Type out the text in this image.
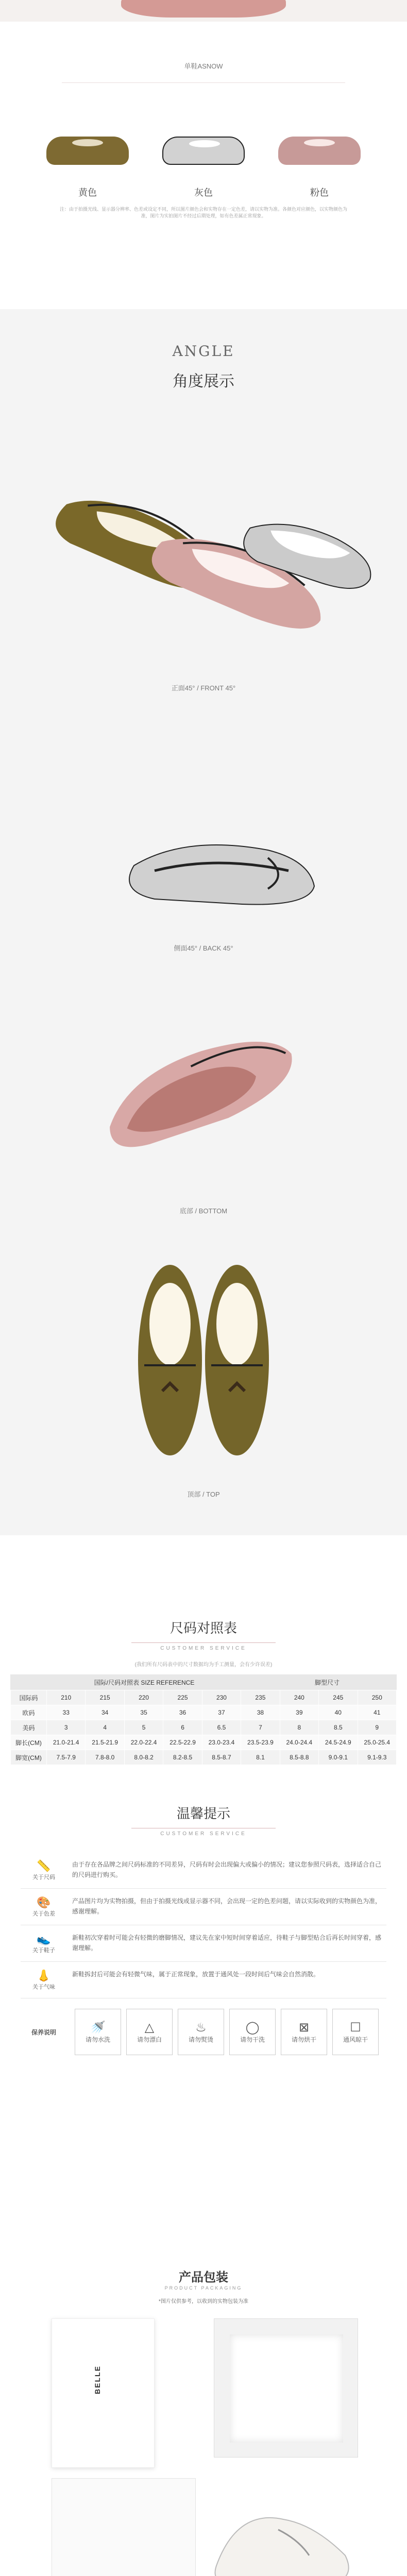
单鞋ASNOW
黄色	灰色	粉色
注：由于拍摄光线、显示器分辨率、色差或设定不同，所以图片颜色会和实物存在一定色差，请以实物为准。各颜色对应颜色，以实物颜色为准，图片为实拍图片不经过后期处理，如有色差属正常现象。
ANGLE
角度展示
正面45° / FRONT 45°
侧面45° / BACK 45°
底部 / BOTTOM
顶部 / TOP
尺码对照表
CUSTOMER SERVICE
(我们所有尺码表中的尺寸数据均为手工测量，会有少许误差)
国际/尺码对照表 SIZE REFERENCE	脚型尺寸
国际码	210	215	220	225	230	235	240	245	250
欧码	33	34	35	36	37	38	39	40	41
美码	3	4	5	6	6.5	7	8	8.5	9
脚长(CM)	21.0-21.4	21.5-21.9	22.0-22.4	22.5-22.9	23.0-23.4	23.5-23.9	24.0-24.4	24.5-24.9	25.0-25.4
脚宽(CM)	7.5-7.9	7.8-8.0	8.0-8.2	8.2-8.5	8.5-8.7	8.1	8.5-8.8	9.0-9.1	9.1-9.3
温馨提示
CUSTOMER SERVICE
📏
关于尺码
由于存在各品牌之间尺码标准的不同差异，尺码有时会出现偏大或偏小的情况；建议您参照尺码表，选择适合自己的尺码进行购买。
🎨
关于色差
产品图片均为实物拍摄，但由于拍摄光线或显示器不同，会出现一定的色差问题，请以实际收到的实物颜色为准，感谢理解。
👟
关于鞋子
新鞋初次穿着时可能会有轻微的磨脚情况，建议先在家中短时间穿着适应，待鞋子与脚型贴合后再长时间穿着，感谢理解。
👃
关于气味
新鞋拆封后可能会有轻微气味，属于正常现象，放置于通风处一段时间后气味会自然消散。
保养说明	🚿
请勿水洗
△
请勿漂白
♨
请勿熨烫
◯
请勿干洗
⊠
请勿烘干
☐
通风晾干
产品包装
PRODUCT PACKAGING
*图片仅供参考，以收到的实物包装为准
BELLE
